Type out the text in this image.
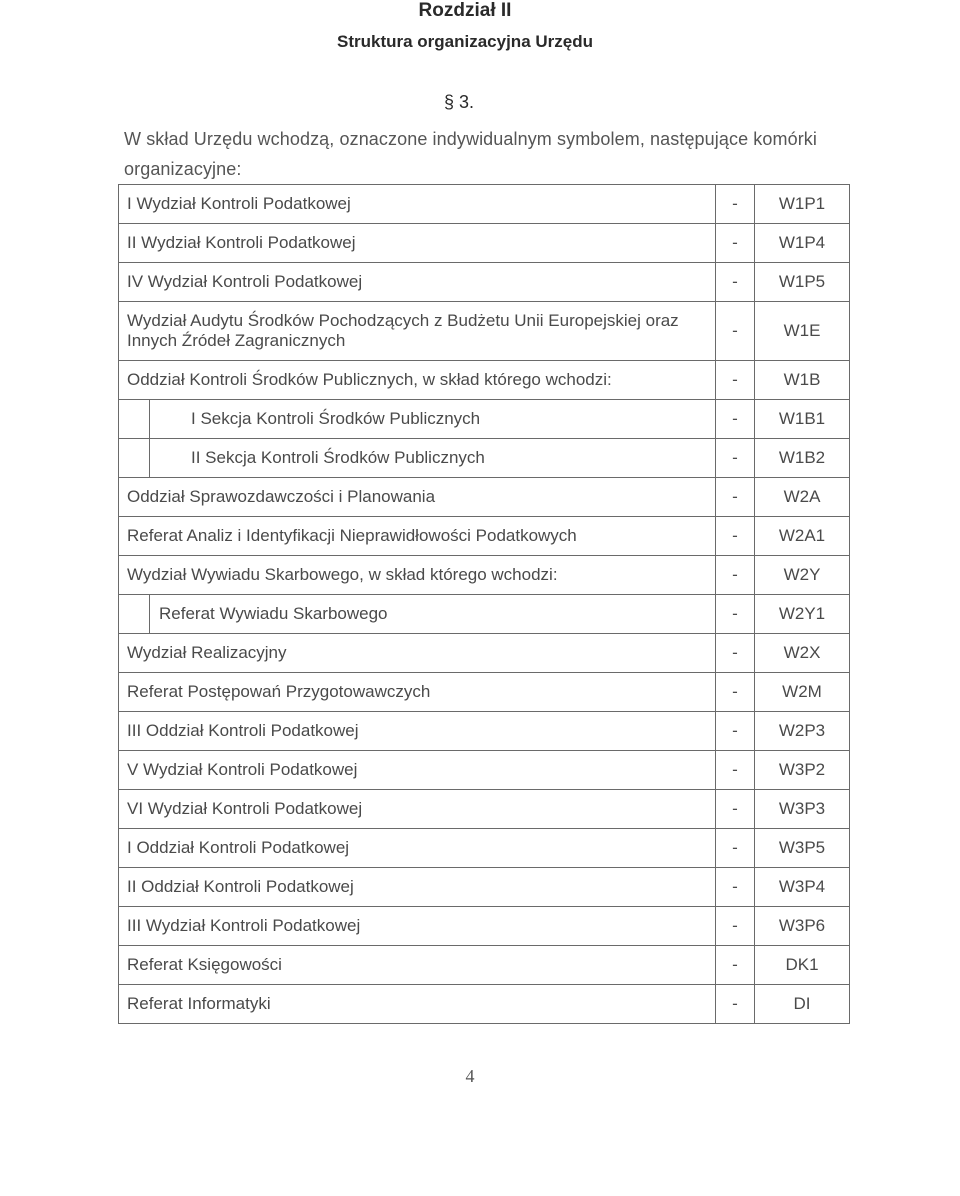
Rozdział II
Struktura organizacyjna Urzędu
§ 3.
W skład Urzędu wchodzą, oznaczone indywidualnym symbolem, następujące komórki organizacyjne:
I Wydział Kontroli Podatkowej	-	W1P1
II Wydział Kontroli Podatkowej	-	W1P4
IV Wydział Kontroli Podatkowej	-	W1P5
Wydział Audytu Środków Pochodzących z Budżetu Unii Europejskiej oraz Innych Źródeł Zagranicznych	-	W1E
Oddział Kontroli Środków Publicznych, w skład którego wchodzi:	-	W1B

I Sekcja Kontroli Środków Publicznych	-	W1B1

II Sekcja Kontroli Środków Publicznych	-	W1B2
Oddział Sprawozdawczości i Planowania	-	W2A
Referat Analiz i Identyfikacji Nieprawidłowości Podatkowych	-	W2A1
Wydział Wywiadu Skarbowego, w skład którego wchodzi:	-	W2Y

Referat Wywiadu Skarbowego	-	W2Y1
Wydział Realizacyjny	-	W2X
Referat Postępowań Przygotowawczych	-	W2M
III Oddział Kontroli Podatkowej	-	W2P3
V Wydział Kontroli Podatkowej	-	W3P2
VI Wydział Kontroli Podatkowej	-	W3P3
I Oddział Kontroli Podatkowej	-	W3P5
II Oddział Kontroli Podatkowej	-	W3P4
III Wydział Kontroli Podatkowej	-	W3P6
Referat Księgowości	-	DK1
Referat Informatyki	-	DI
4
